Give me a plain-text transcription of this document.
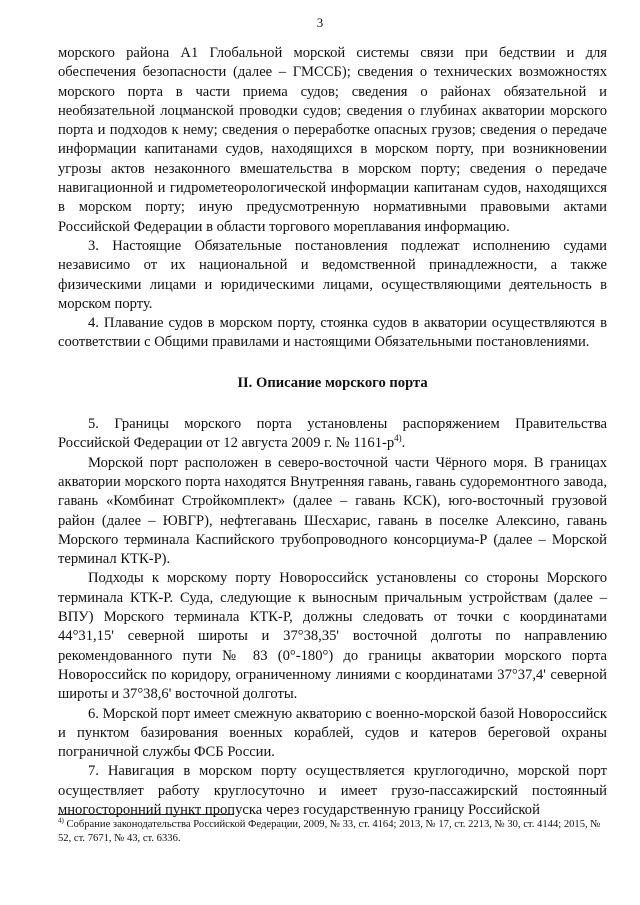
3

морского района А1 Глобальной морской системы связи при бедствии и для обеспечения безопасности (далее – ГМССБ); сведения о технических возможностях морского порта в части приема судов; сведения о районах обязательной и необязательной лоцманской проводки судов; сведения о глубинах акватории морского порта и подходов к нему; сведения о переработке опасных грузов; сведения о передаче информации капитанами судов, находящихся в морском порту, при возникновении угрозы актов незаконного вмешательства в морском порту; сведения о передаче навигационной и гидрометеорологической информации капитанам судов, находящихся в морском порту; иную предусмотренную нормативными правовыми актами Российской Федерации в области торгового мореплавания информацию.

3. Настоящие Обязательные постановления подлежат исполнению судами независимо от их национальной и ведомственной принадлежности, а также физическими лицами и юридическими лицами, осуществляющими деятельность в морском порту.

4. Плавание судов в морском порту, стоянка судов в акватории осуществляются в соответствии с Общими правилами и настоящими Обязательными постановлениями.

II. Описание морского порта

5. Границы морского порта установлены распоряжением Правительства Российской Федерации от 12 августа 2009 г. № $1161-р^{4)}$.

Морской порт расположен в северо-восточной части Чёрного моря. В границах акватории морского порта находятся Внутренняя гавань, гавань судоремонтного завода, гавань «Комбинат Стройкомплект» (далее – гавань КСК), юго-восточный грузовой район (далее – ЮВГР), нефтегавань Шесхарис, гавань в поселке Алексино, гавань Морского терминала Каспийского трубопроводного консорциума-Р (далее – Морской терминал КТК-Р).

Подходы к морскому порту Новороссийск установлены со стороны Морского терминала КТК-Р. Суда, следующие к выносным причальным устройствам (далее – ВПУ) Морского терминала КТК-Р, должны следовать от точки с координатами 44°31,15' северной широты и 37°38,35' восточной долготы по направлению рекомендованного пути № 83 (0°-180°) до границы акватории морского порта Новороссийск по коридору, ограниченному линиями с координатами 37°37,4' северной широты и 37°38,6' восточной долготы.

6. Морской порт имеет смежную акваторию с военно-морской базой Новороссийск и пунктом базирования военных кораблей, судов и катеров береговой охраны пограничной службы ФСБ России.

7. Навигация в морском порту осуществляется круглогодично, морской порт осуществляет работу круглосуточно и имеет грузо-пассажирский постоянный многосторонний пункт пропуска через государственную границу Российской

$^{4)}$ Собрание законодательства Российской Федерации, 2009, № 33, ст. 4164; 2013, № 17, ст. 2213, № 30, ст. 4144; 2015, № 52, ст. 7671, № 43, ст. 6336.
